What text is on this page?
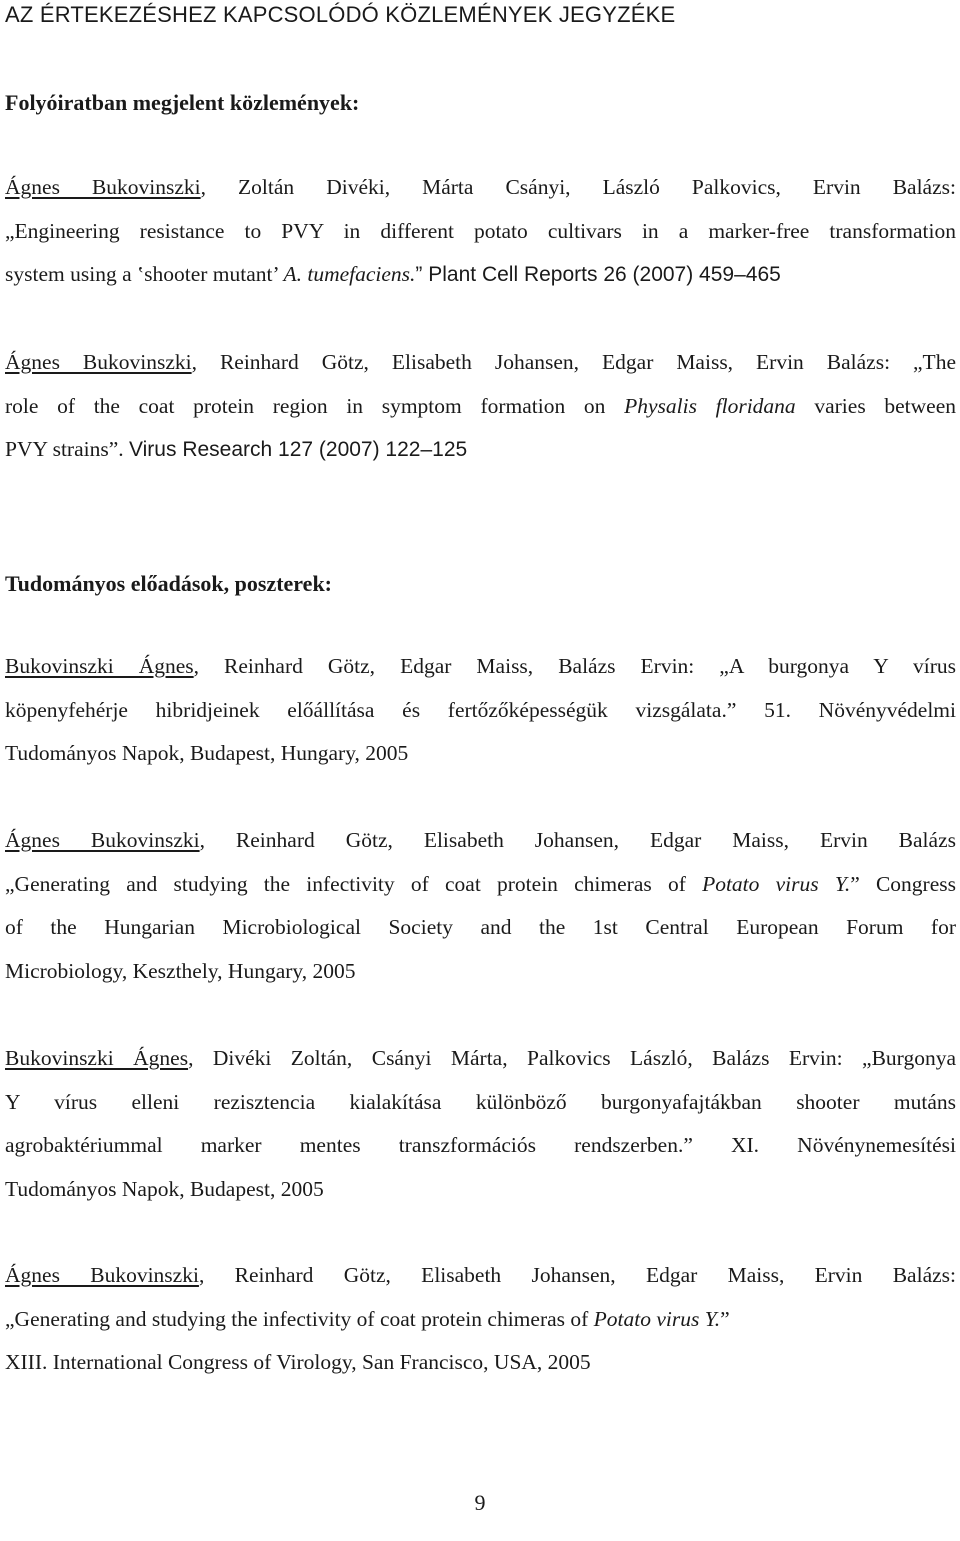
AZ ÉRTEKEZÉSHEZ KAPCSOLÓDÓ KÖZLEMÉNYEK JEGYZÉKE
Folyóiratban megjelent közlemények:
Ágnes Bukovinszki, Zoltán Divéki, Márta Csányi, László Palkovics, Ervin Balázs:
„Engineering resistance to PVY in different potato cultivars in a marker-free transformation
system using a ‛shooter mutant’ A. tumefaciens.” Plant Cell Reports 26 (2007) 459–465
Ágnes Bukovinszki, Reinhard Götz, Elisabeth Johansen, Edgar Maiss, Ervin Balázs: „The
role of the coat protein region in symptom formation on Physalis floridana varies between
PVY strains”. Virus Research 127 (2007) 122–125
Tudományos előadások, poszterek:
Bukovinszki Ágnes, Reinhard Götz, Edgar Maiss, Balázs Ervin: „A burgonya Y vírus
köpenyfehérje hibridjeinek előállítása és fertőzőképességük vizsgálata.” 51. Növényvédelmi
Tudományos Napok, Budapest, Hungary, 2005
Ágnes Bukovinszki, Reinhard Götz, Elisabeth Johansen, Edgar Maiss, Ervin Balázs
„Generating and studying the infectivity of coat protein chimeras of Potato virus Y.” Congress
of the Hungarian Microbiological Society and the 1st Central European Forum for
Microbiology, Keszthely, Hungary, 2005
Bukovinszki Ágnes, Divéki Zoltán, Csányi Márta, Palkovics László, Balázs Ervin: „Burgonya
Y vírus elleni rezisztencia kialakítása különböző burgonyafajtákban shooter mutáns
agrobaktériummal marker mentes transzformációs rendszerben.” XI. Növénynemesítési
Tudományos Napok, Budapest, 2005
Ágnes Bukovinszki, Reinhard Götz, Elisabeth Johansen, Edgar Maiss, Ervin Balázs:
„Generating and studying the infectivity of coat protein chimeras of Potato virus Y.”
XIII. International Congress of Virology, San Francisco, USA, 2005
9
